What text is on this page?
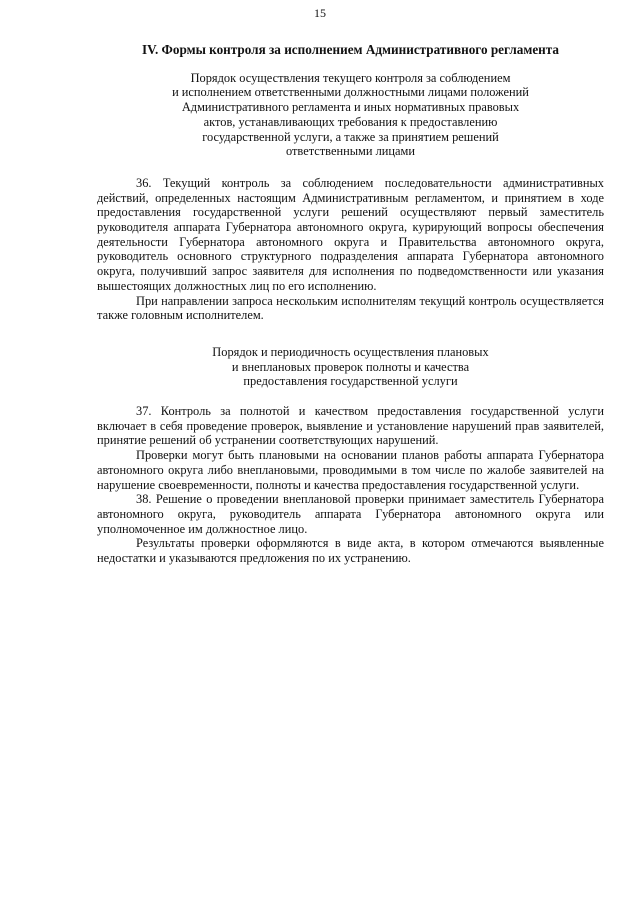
15
IV. Формы контроля за исполнением Административного регламента
Порядок осуществления текущего контроля за соблюдением
и исполнением ответственными должностными лицами положений
Административного регламента и иных нормативных правовых
актов, устанавливающих требования к предоставлению
государственной услуги, а также за принятием решений
ответственными лицами

36. Текущий контроль за соблюдением последовательности административных действий, определенных настоящим Административным регламентом, и принятием в ходе предоставления государственной услуги решений осуществляют первый заместитель руководителя аппарата Губернатора автономного округа, курирующий вопросы обеспечения деятельности Губернатора автономного округа и Правительства автономного округа, руководитель основного структурного подразделения аппарата Губернатора автономного округа, получивший запрос заявителя для исполнения по подведомственности или указания вышестоящих должностных лиц по его исполнению.

При направлении запроса нескольким исполнителям текущий контроль осуществляется также головным исполнителем.

Порядок и периодичность осуществления плановых
и внеплановых проверок полноты и качества
предоставления государственной услуги

37. Контроль за полнотой и качеством предоставления государственной услуги включает в себя проведение проверок, выявление и установление нарушений прав заявителей, принятие решений об устранении соответствующих нарушений.

Проверки могут быть плановыми на основании планов работы аппарата Губернатора автономного округа либо внеплановыми, проводимыми в том числе по жалобе заявителей на нарушение своевременности, полноты и качества предоставления государственной услуги.

38. Решение о проведении внеплановой проверки принимает заместитель Губернатора автономного округа, руководитель аппарата Губернатора автономного округа или уполномоченное им должностное лицо.

Результаты проверки оформляются в виде акта, в котором отмечаются выявленные недостатки и указываются предложения по их устранению.
